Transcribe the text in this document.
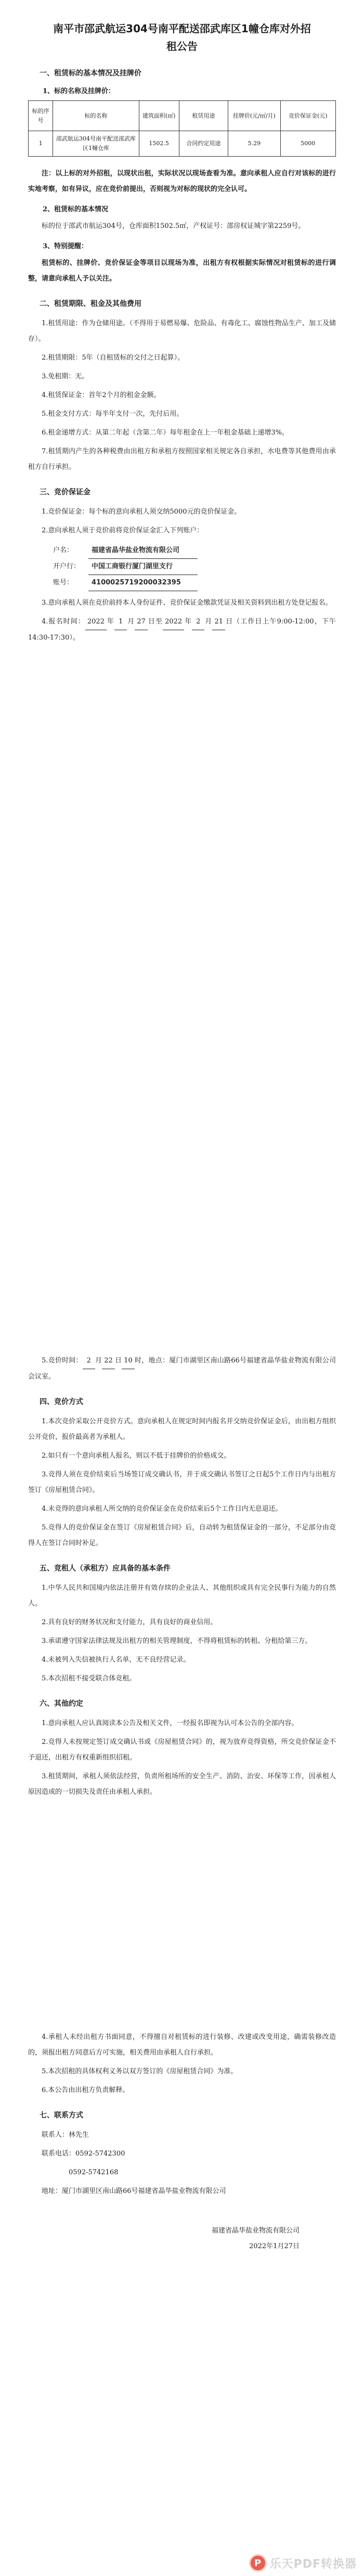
南平市邵武航运304号南平配送邵武库区1幢仓库对外招租公告
一、租赁标的基本情况及挂牌价
1、标的名称及挂牌价：
标的序号	标的名称	建筑面积(㎡)	租赁用途	挂牌价(元/㎡/月)	竞价保证金(元)
1	邵武航运304号南平配送邵武库区1幢仓库	1502.5	合同约定用途	5.29	5000

注：以上标的对外招租，以现状出租，实际状况以现场查看为准。意向承租人应自行对该标的进行实地考察，如有异议，应在竞价前提出，否则视为对标的现状的完全认可。

2、租赁标的基本情况

标的位于邵武市航运304号，仓库面积1502.5㎡，产权证号：邵房权证城字第2259号。

3、特别提醒：

租赁标的、挂牌价、竞价保证金等项目以现场为准，出租方有权根据实际情况对租赁标的进行调整，请意向承租人予以关注。

二、租赁期限、租金及其他费用

1.租赁用途：作为仓储用途。（不得用于易燃易爆、危险品、有毒化工、腐蚀性物品生产、加工及储存）。

2.租赁期限：5年（自租赁标的交付之日起算）。

3.免租期：无。

4.租赁保证金：首年2个月的租金金额。

5.租金支付方式：每半年支付一次，先付后用。

6.租金递增方式：从第二年起（含第二年）每年租金在上一年租金基础上递增3%。

7.租赁期内产生的各种税费由出租方和承租方按照国家相关规定各自承担，水电费等其他费用由承租方自行承担。

三、竞价保证金

1.竞价保证金：每个标的意向承租人须交纳5000元的竞价保证金。

2.意向承租人须于竞价前将竞价保证金汇入下列账户：

户名：	福建省晶华盐业物流有限公司
开户行： 中国工商银行厦门湖里支行
账号：	4100025719200032395

3.意向承租人须在竞价前持本人身份证件、竞价保证金缴款凭证及相关资料到出租方处登记报名。

4.报名时间： 2022 年 1 月 27 日至 2022 年 2 月 21 日（工作日上午9:00-12:00，下午14:30-17:30）。

5.竞价时间： 2 月 22 日 10 时，地点：厦门市湖里区南山路66号福建省晶华盐业物流有限公司会议室。

四、竞价方式

1.本次竞价采取公开竞价方式。意向承租人在规定时间内报名并交纳竞价保证金后，由出租方组织公开竞价，报价最高者为承租人。

2.如只有一个意向承租人报名，则以不低于挂牌价的价格成交。

3.竞得人须在竞价结束后当场签订成交确认书，并于成交确认书签订之日起5个工作日内与出租方签订《房屋租赁合同》。

4.未竞得的意向承租人所交纳的竞价保证金在竞价结束后5个工作日内无息退还。

5.竞得人的竞价保证金在签订《房屋租赁合同》后，自动转为租赁保证金的一部分，不足部分由竞得人在签订合同时补足。

五、竞租人（承租方）应具备的基本条件

1.中华人民共和国境内依法注册并有效存续的企业法人、其他组织或具有完全民事行为能力的自然人。

2.具有良好的财务状况和支付能力，具有良好的商业信用。

3.承诺遵守国家法律法规及出租方的相关管理制度，不得将租赁标的转租、分租给第三方。

4.未被列入失信被执行人名单，无不良经营记录。

5.本次招租不接受联合体竞租。

六、其他约定

1.意向承租人应认真阅读本公告及相关文件，一经报名即视为认可本公告的全部内容。

2.竞得人未按规定签订成交确认书或《房屋租赁合同》的，视为放弃竞得资格，所交竞价保证金不予退还，出租方有权重新组织招租。

3.租赁期间，承租人须依法经营，负责所租场所的安全生产、消防、治安、环保等工作，因承租人原因造成的一切损失及责任由承租人承担。

4.承租人未经出租方书面同意，不得擅自对租赁标的进行装修、改建或改变用途，确需装修改造的，须报出租方同意后方可实施，相关费用由承租人自行承担。

5.本次招租的具体权利义务以双方签订的《房屋租赁合同》为准。

6.本公告由出租方负责解释。

七、联系方式

联系人：林先生

联系电话：0592-5742300

0592-5742168

地址：厦门市湖里区南山路66号福建省晶华盐业物流有限公司

福建省晶华盐业物流有限公司
2022年1月27日
P 乐天PDF转换器
